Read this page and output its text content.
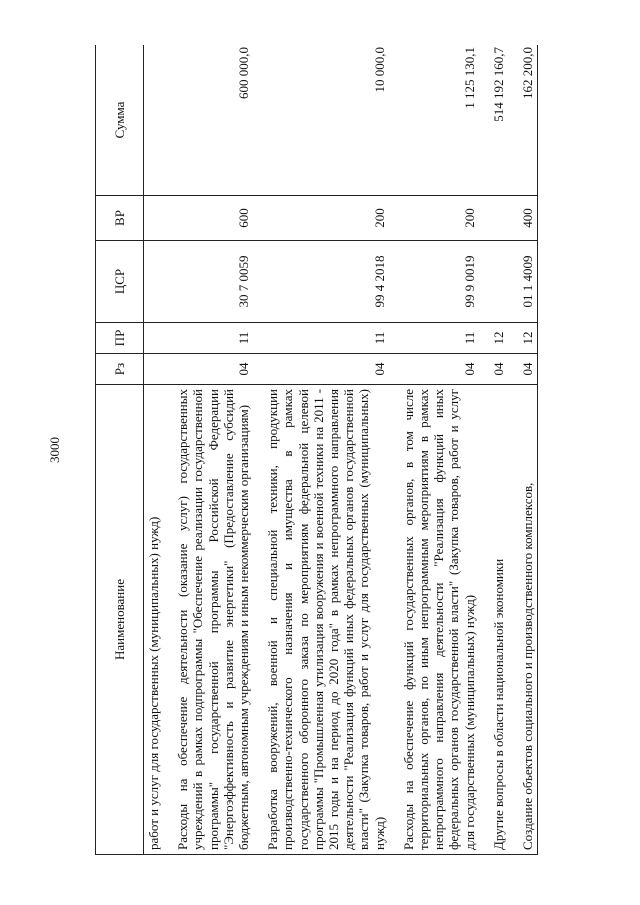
3000
Наименование	Рз	ПР	ЦСР	ВР	Сумма
работ и услуг для государственных (муниципальных) нужд)					

Расходы на обеспечение деятельности (оказание услуг) государственных учреждений в рамках подпрограммы "Обеспечение реализации государственной программы" государственной программы Российской Федерации "Энергоэффективность и развитие энергетики" (Предоставление субсидий бюджетным, автономным учреждениям и иным некоммерческим организациям)	04	11	30 7 0059	600	600 000,0

Разработка вооружений, военной и специальной техники, продукции производственно-технического назначения и имущества в рамках государственного оборонного заказа по мероприятиям федеральной целевой программы "Промышленная утилизация вооружения и военной техники на 2011 - 2015 годы и на период до 2020 года" в рамках непрограммного направления деятельности "Реализация функций иных федеральных органов государственной власти" (Закупка товаров, работ и услуг для государственных (муниципальных) нужд)	04	11	99 4 2018	200	10 000,0

Расходы на обеспечение функций государственных органов, в том числе территориальных органов, по иным непрограммным мероприятиям в рамках непрограммного направления деятельности "Реализация функций иных федеральных органов государственной власти" (Закупка товаров, работ и услуг для государственных (муниципальных) нужд)	04	11	99 9 0019	200	1 125 130,1

Другие вопросы в области национальной экономики	04	12			514 192 160,7

Создание объектов социального и производственного комплексов,	04	12	01 1 4009	400	162 200,0
